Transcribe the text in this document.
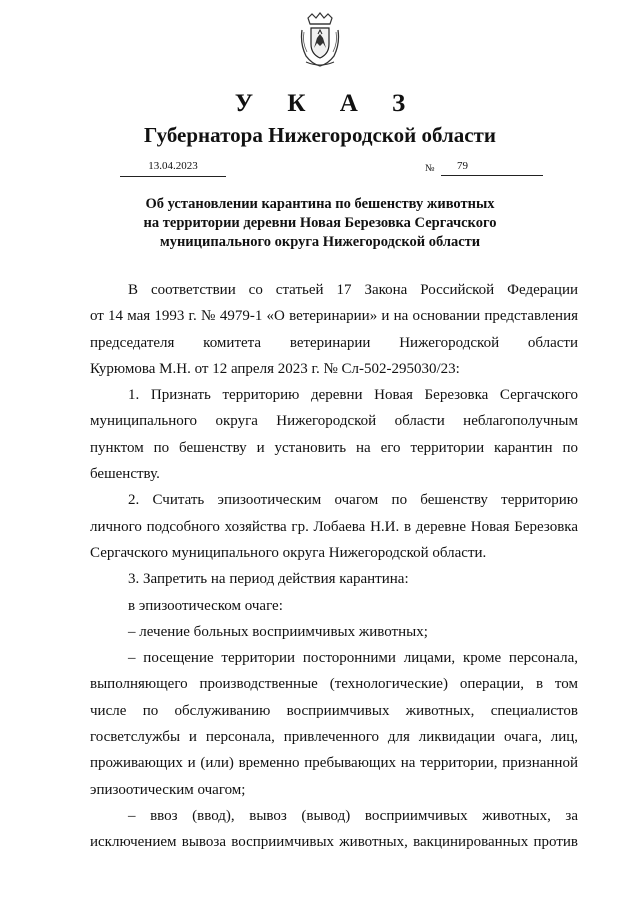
У К А З
Губернатора Нижегородской области
13.04.2023	№	79
Об установлении карантина по бешенству животных
на территории деревни Новая Березовка Сергачского
муниципального округа Нижегородской области
В соответствии со статьей 17 Закона Российской Федерации
от 14 мая 1993 г. № 4979-1 «О ветеринарии» и на основании представления
председателя комитета ветеринарии Нижегородской области
Курюмова М.Н. от 12 апреля 2023 г. № Сл-502-295030/23:
1. Признать территорию деревни Новая Березовка Сергачского
муниципального округа Нижегородской области неблагополучным
пунктом по бешенству и установить на его территории карантин по
бешенству.
2. Считать эпизоотическим очагом по бешенству территорию
личного подсобного хозяйства гр. Лобаева Н.И. в деревне Новая Березовка
Сергачского муниципального округа Нижегородской области.
3. Запретить на период действия карантина:
в эпизоотическом очаге:
– лечение больных восприимчивых животных;
– посещение территории посторонними лицами, кроме персонала,
выполняющего производственные (технологические) операции, в том
числе по обслуживанию восприимчивых животных, специалистов
госветслужбы и персонала, привлеченного для ликвидации очага, лиц,
проживающих и (или) временно пребывающих на территории, признанной
эпизоотическим очагом;
– ввоз (ввод), вывоз (вывод) восприимчивых животных, за
исключением вывоза восприимчивых животных, вакцинированных против
